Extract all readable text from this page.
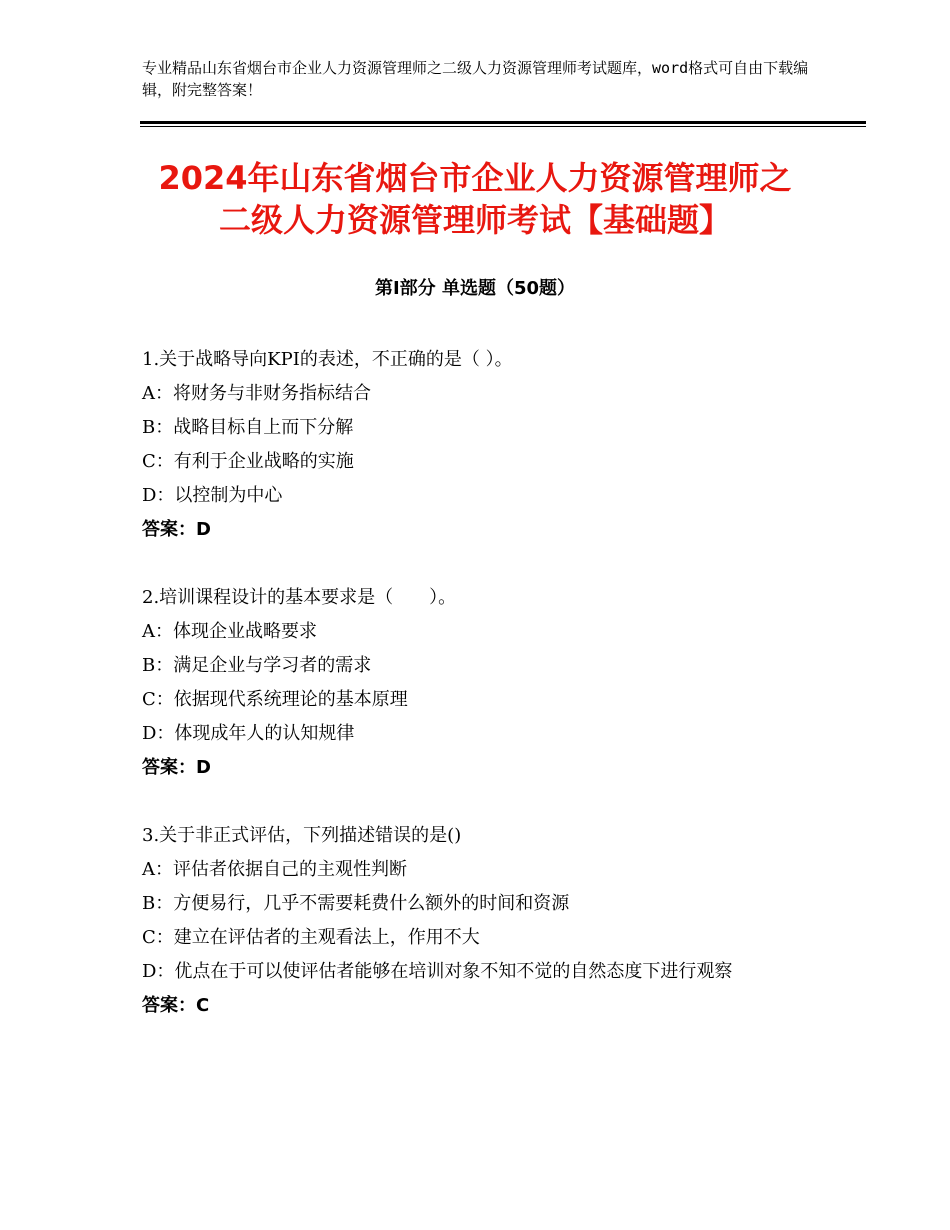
专业精品山东省烟台市企业人力资源管理师之二级人力资源管理师考试题库，word格式可自由下载编辑，附完整答案！
2024年山东省烟台市企业人力资源管理师之
二级人力资源管理师考试【基础题】
第Ⅰ部分 单选题（50题）
1.关于战略导向KPI的表述，不正确的是（ ）。
A：将财务与非财务指标结合
B：战略目标自上而下分解
C：有利于企业战略的实施
D：以控制为中心
答案：D
2.培训课程设计的基本要求是（　　）。
A：体现企业战略要求
B：满足企业与学习者的需求
C：依据现代系统理论的基本原理
D：体现成年人的认知规律
答案：D
3.关于非正式评估，下列描述错误的是()
A：评估者依据自己的主观性判断
B：方便易行，几乎不需要耗费什么额外的时间和资源
C：建立在评估者的主观看法上，作用不大
D：优点在于可以使评估者能够在培训对象不知不觉的自然态度下进行观察
答案：C
